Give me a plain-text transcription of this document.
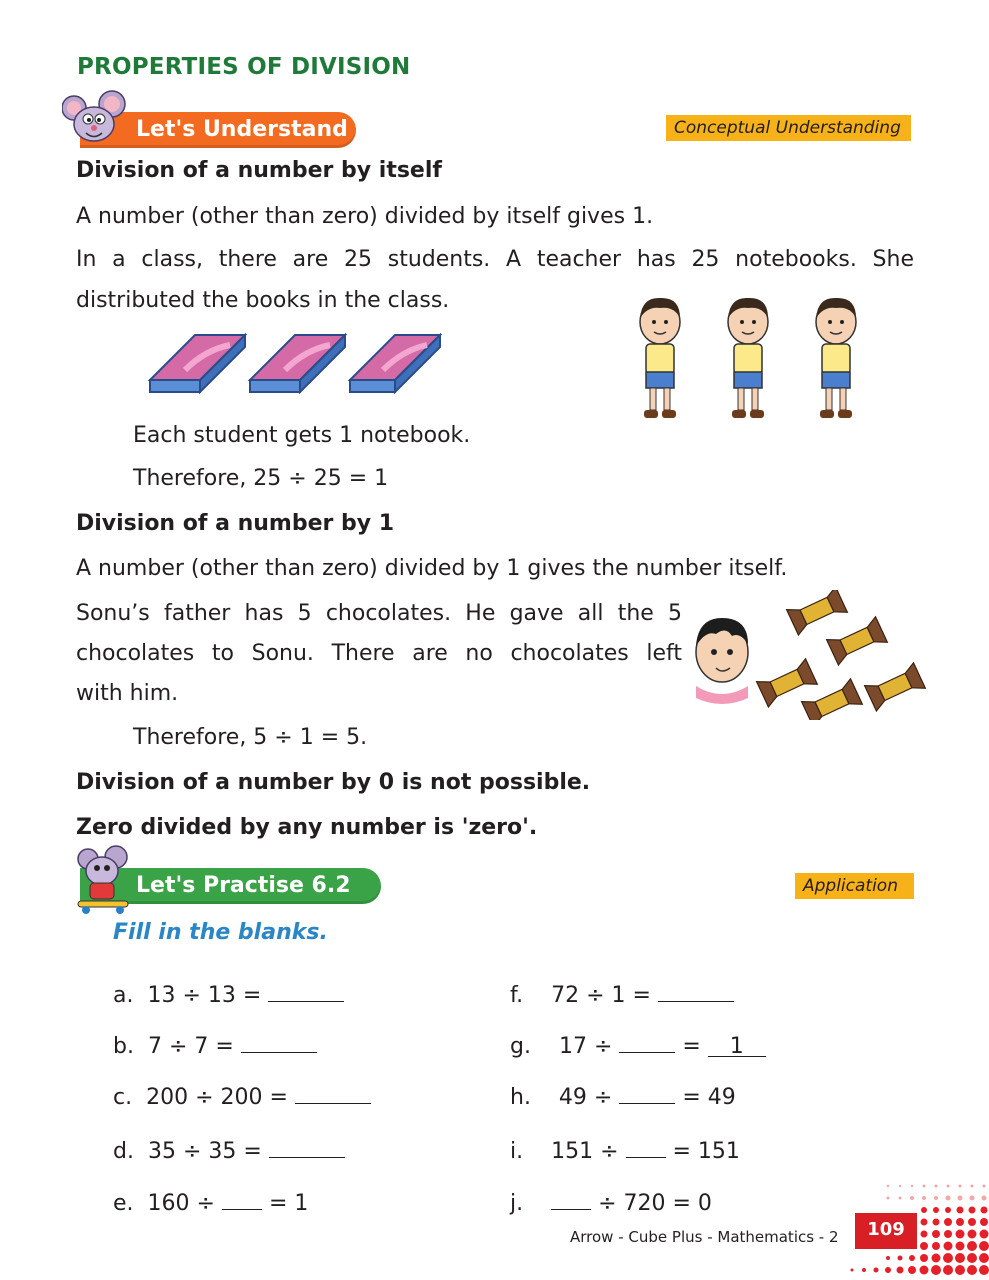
PROPERTIES OF DIVISION
Let's Understand	Conceptual Understanding
Division of a number by itself
A number (other than zero) divided by itself gives 1.
In a class, there are 25 students. A teacher has 25 notebooks. She
distributed the books in the class.
Each student gets 1 notebook.
Therefore, 25 ÷ 25 = 1
Division of a number by 1
A number (other than zero) divided by 1 gives the number itself.
Sonu’s father has 5 chocolates. He gave all the 5
chocolates to Sonu. There are no chocolates left
with him.
Therefore, 5 ÷ 1 = 5.
Division of a number by 0 is not possible.
Zero divided by any number is 'zero'.
Let's Practise 6.2	Application
Fill in the blanks.
a. 13 ÷ 13 =
b. 7 ÷ 7 =
c. 200 ÷ 200 =
d. 35 ÷ 35 =
e. 160 ÷  = 1
f. 72 ÷ 1 =
g. 17 ÷	= 1
h. 49 ÷	= 49
i. 151 ÷  = 151
j.	÷ 720 = 0
Arrow - Cube Plus - Mathematics - 2	109
